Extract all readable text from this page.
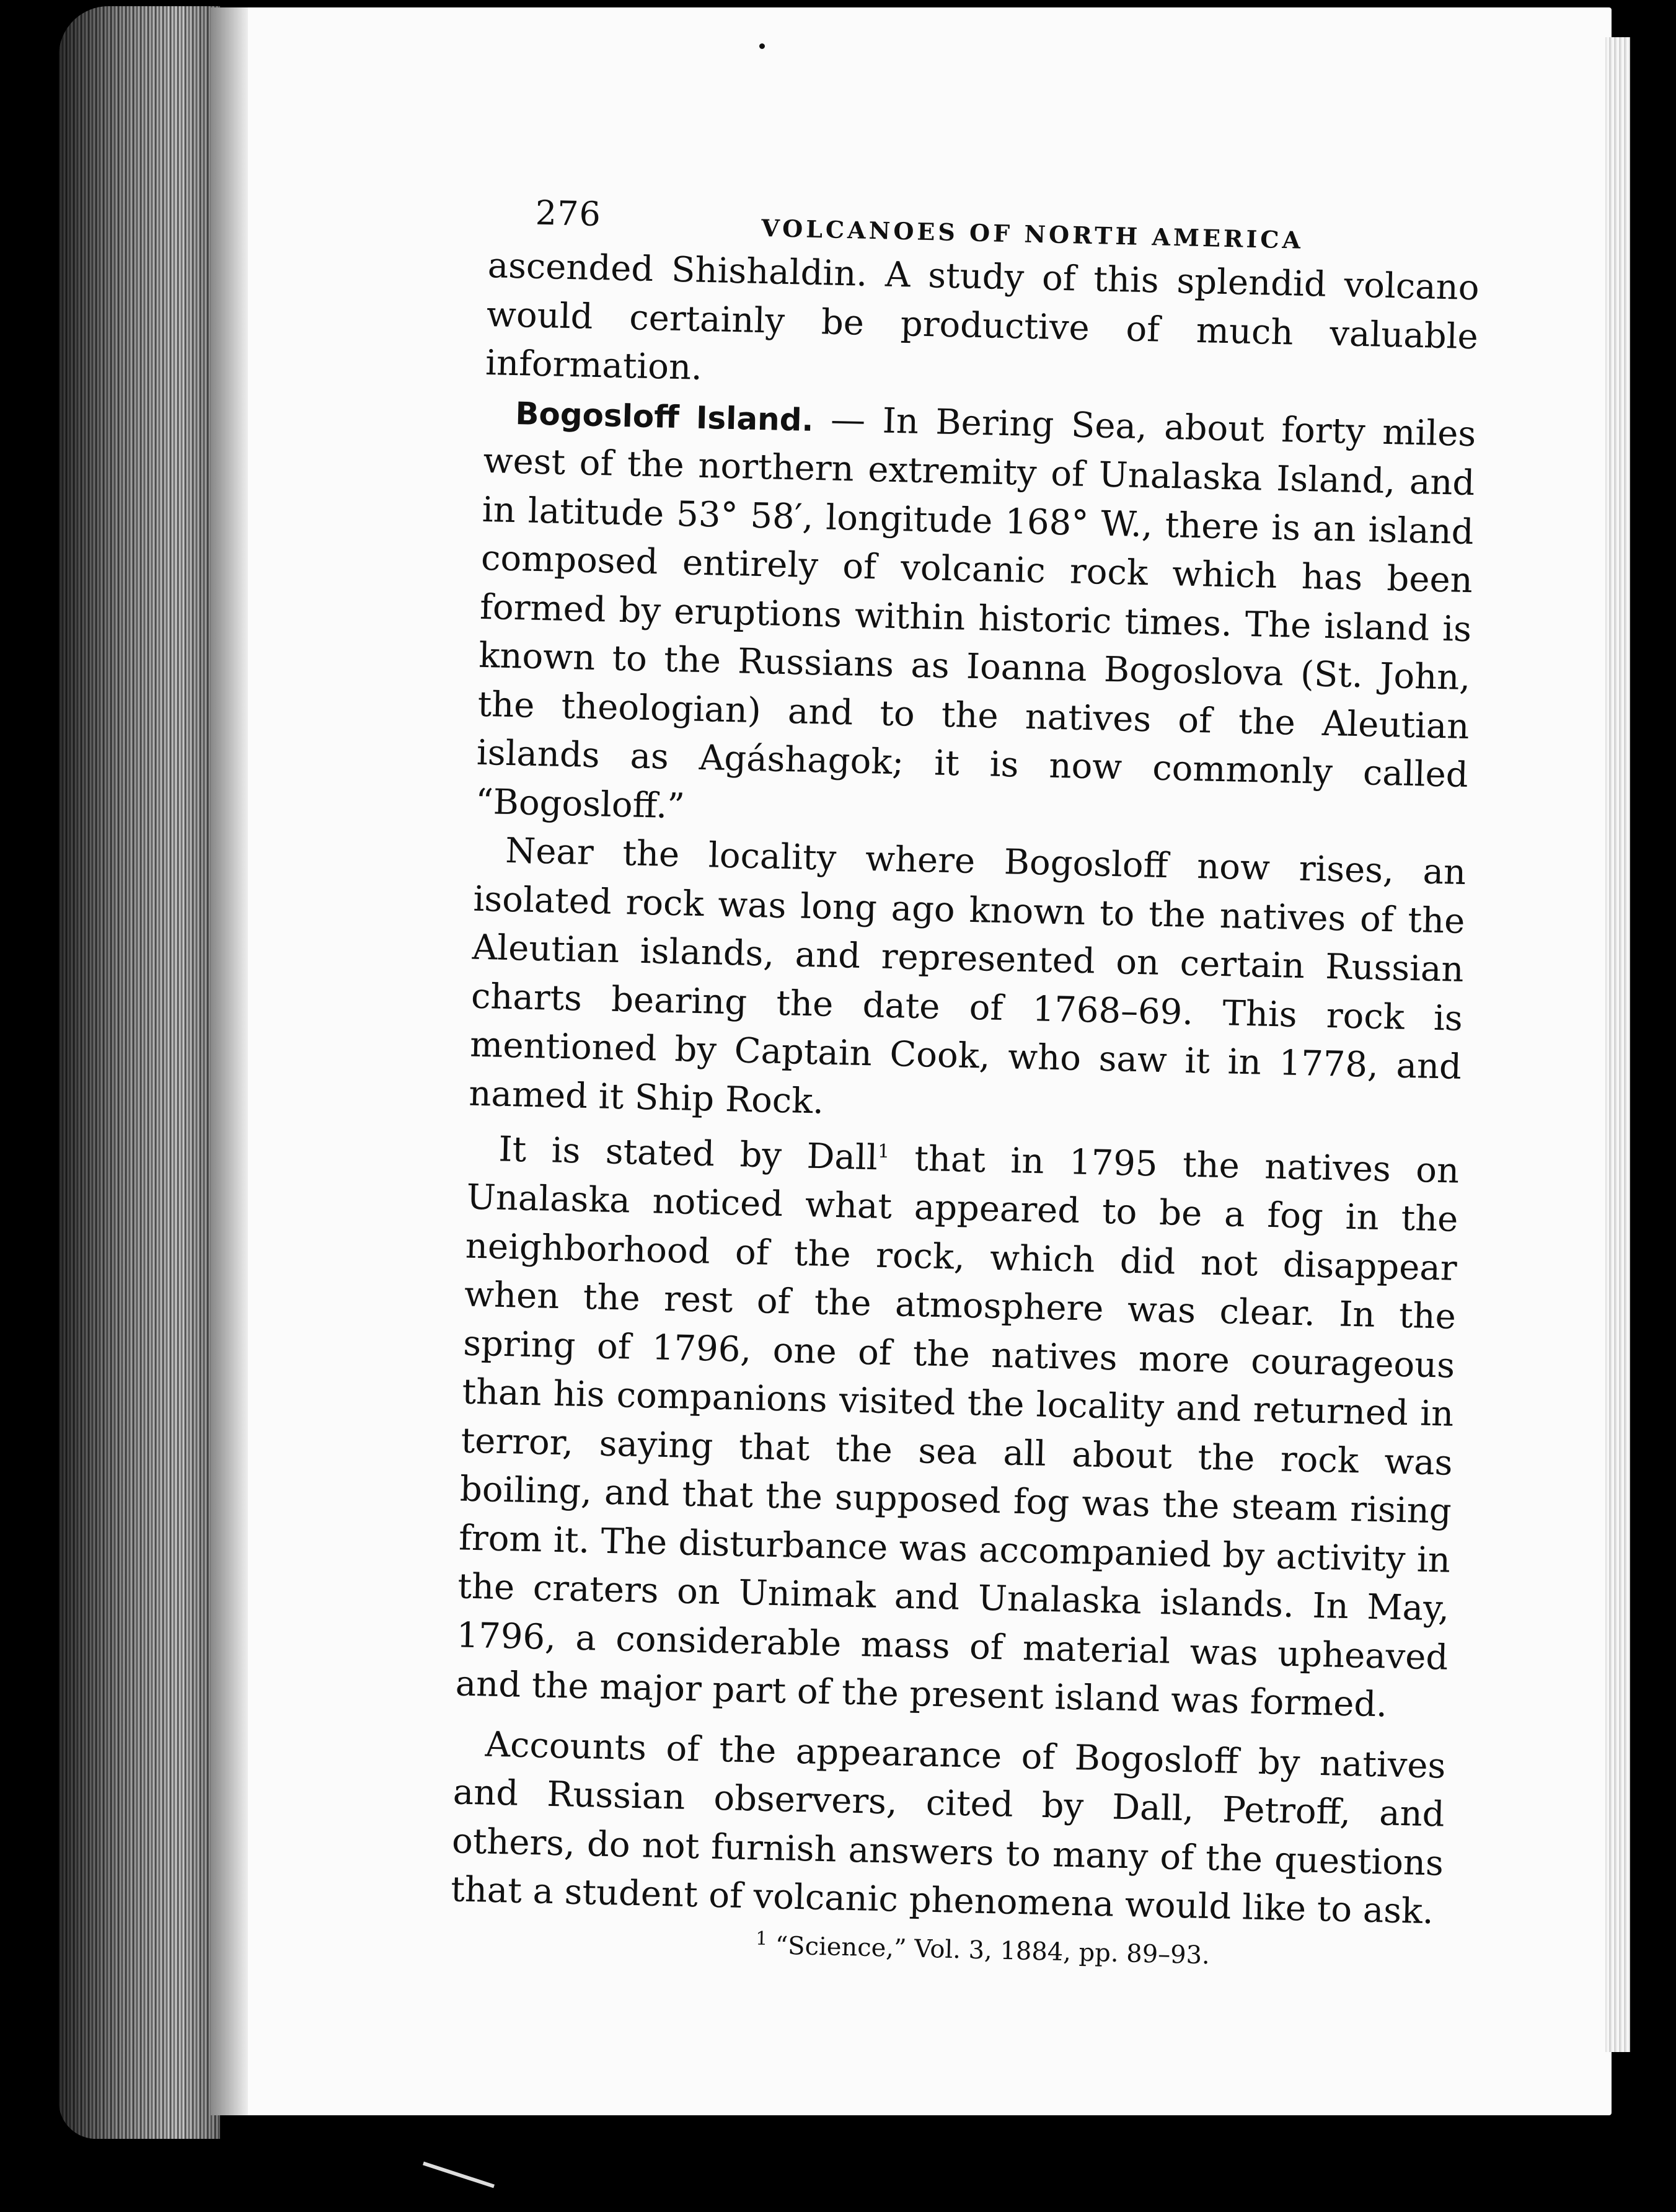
276
VOLCANOES OF NORTH AMERICA

ascended Shishaldin. A study of this splendid volcano would certainly be productive of much valuable information.

Bogosloff Island. — In Bering Sea, about forty miles west of the northern extremity of Unalaska Island, and in latitude 53° 58′, longitude 168° W., there is an island composed entirely of volcanic rock which has been formed by eruptions within historic times. The island is known to the Russians as Ioanna Bogoslova (St. John, the theologian) and to the natives of the Aleutian islands as Agáshagok; it is now commonly called “Bogosloff.”

Near the locality where Bogosloff now rises, an isolated rock was long ago known to the natives of the Aleutian islands, and represented on certain Russian charts bearing the date of 1768–69. This rock is mentioned by Captain Cook, who saw it in 1778, and named it Ship Rock.

It is stated by Dall$^1$ that in 1795 the natives on Unalaska noticed what appeared to be a fog in the neighborhood of the rock, which did not disappear when the rest of the atmosphere was clear. In the spring of 1796, one of the natives more courageous than his companions visited the locality and returned in terror, saying that the sea all about the rock was boiling, and that the supposed fog was the steam rising from it. The disturbance was accompanied by activity in the craters on Unimak and Unalaska islands. In May, 1796, a considerable mass of material was upheaved and the major part of the present island was formed.

Accounts of the appearance of Bogosloff by natives and Russian observers, cited by Dall, Petroff, and others, do not furnish answers to many of the questions that a student of volcanic phenomena would like to ask.

$^1$ “Science,” Vol. 3, 1884, pp. 89–93.
